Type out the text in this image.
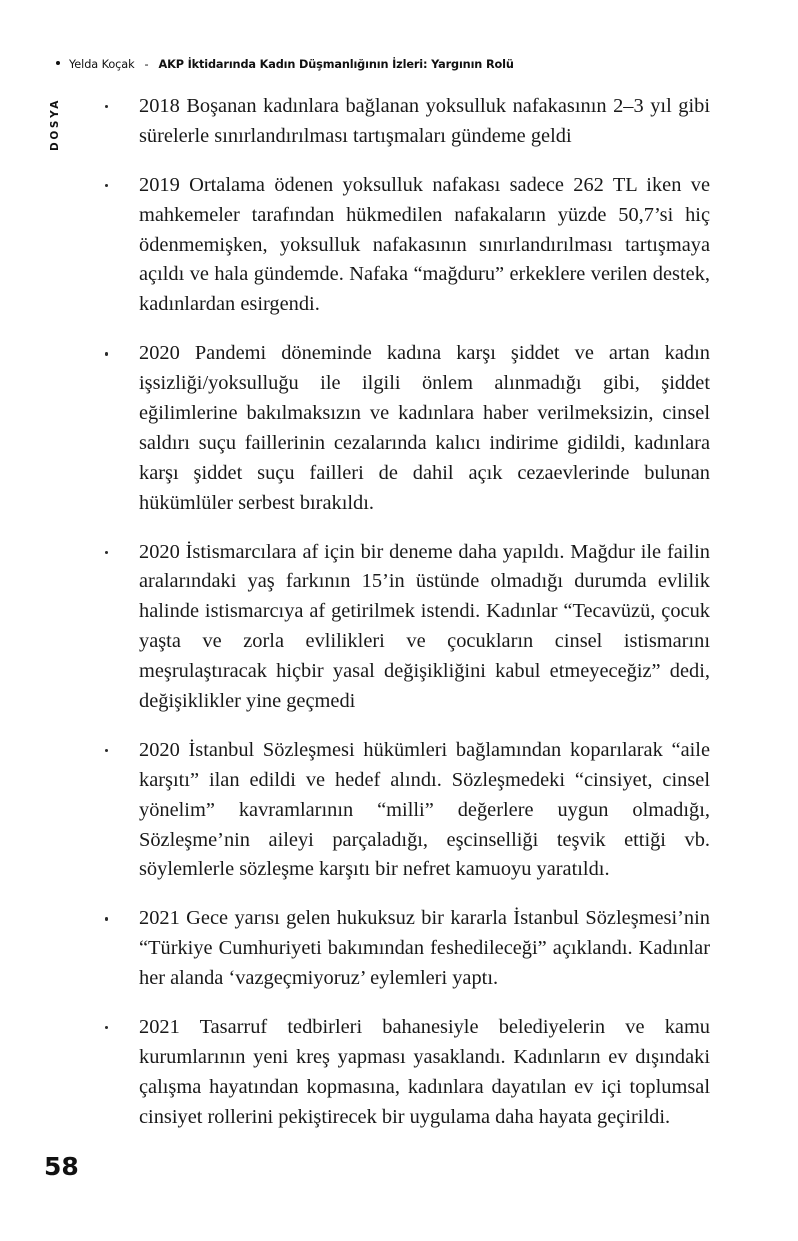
Yelda Koçak - AKP İktidarında Kadın Düşmanlığının İzleri: Yargının Rolü
DOSYA	2018 Boşanan kadınlara bağlanan yoksulluk nafakasının 2–3 yıl gibi sürelerle sınırlandırılması tartışmaları gündeme geldi
2019 Ortalama ödenen yoksulluk nafakası sadece 262 TL iken ve mahkemeler tarafından hükmedilen nafakaların yüzde 50,7’si hiç ödenmemişken, yoksulluk nafakasının sınırlandırılması tartışmaya açıldı ve hala gündemde. Nafaka “mağduru” erkeklere verilen destek, kadınlardan esirgendi.
2020 Pandemi döneminde kadına karşı şiddet ve artan kadın işsizliği/yoksulluğu ile ilgili önlem alınmadığı gibi, şiddet eğilimlerine bakılmaksızın ve kadınlara haber verilmeksizin, cinsel saldırı suçu faillerinin cezalarında kalıcı indirime gidildi, kadınlara karşı şiddet suçu failleri de dahil açık cezaevlerinde bulunan hükümlüler serbest bırakıldı.
2020 İstismarcılara af için bir deneme daha yapıldı. Mağdur ile failin aralarındaki yaş farkının 15’in üstünde olmadığı durumda evlilik halinde istismarcıya af getirilmek istendi. Kadınlar “Tecavüzü, çocuk yaşta ve zorla evlilikleri ve çocukların cinsel istismarını meşrulaştıracak hiçbir yasal değişikliğini kabul etmeyeceğiz” dedi, değişiklikler yine geçmedi
2020 İstanbul Sözleşmesi hükümleri bağlamından koparılarak “aile karşıtı” ilan edildi ve hedef alındı. Sözleşmedeki “cinsiyet, cinsel yönelim” kavramlarının “milli” değerlere uygun olmadığı, Sözleşme’nin aileyi parçaladığı, eşcinselliği teşvik ettiği vb. söylemlerle sözleşme karşıtı bir nefret kamuoyu yaratıldı.
2021 Gece yarısı gelen hukuksuz bir kararla İstanbul Sözleşmesi’nin “Türkiye Cumhuriyeti bakımından feshedileceği” açıklandı. Kadınlar her alanda ‘vazgeçmiyoruz’ eylemleri yaptı.
2021 Tasarruf tedbirleri bahanesiyle belediyelerin ve kamu kurumlarının yeni kreş yapması yasaklandı. Kadınların ev dışındaki çalışma hayatından kopmasına, kadınlara dayatılan ev içi toplumsal cinsiyet rollerini pekiştirecek bir uygulama daha hayata geçirildi.
58
